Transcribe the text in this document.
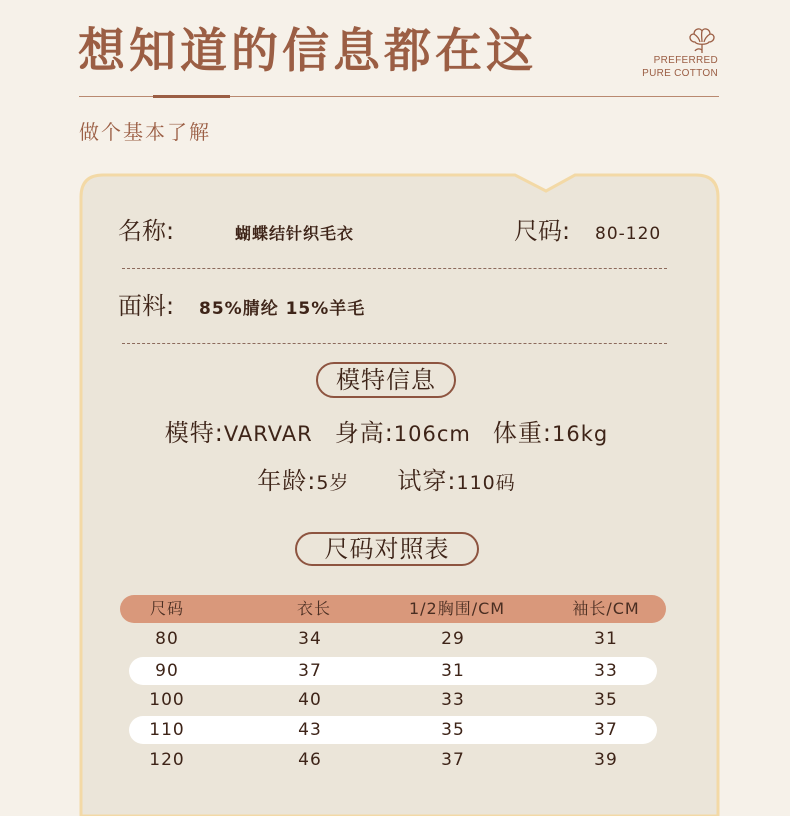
想知道的信息都在这	PREFERRED
PURE COTTON
做个基本了解
名称:	蝴蝶结针织毛衣	尺码: 80-120
面料: 85%腈纶 15%羊毛
模特信息
模特:VARVAR 身高:106cm 体重:16kg
年龄:5岁 试穿:110码
尺码对照表
尺码	衣长	1/2胸围/CM	袖长/CM
80	34	29	31
90	37	31	33
100	40	33	35
110	43	35	37
120	46	37	39
